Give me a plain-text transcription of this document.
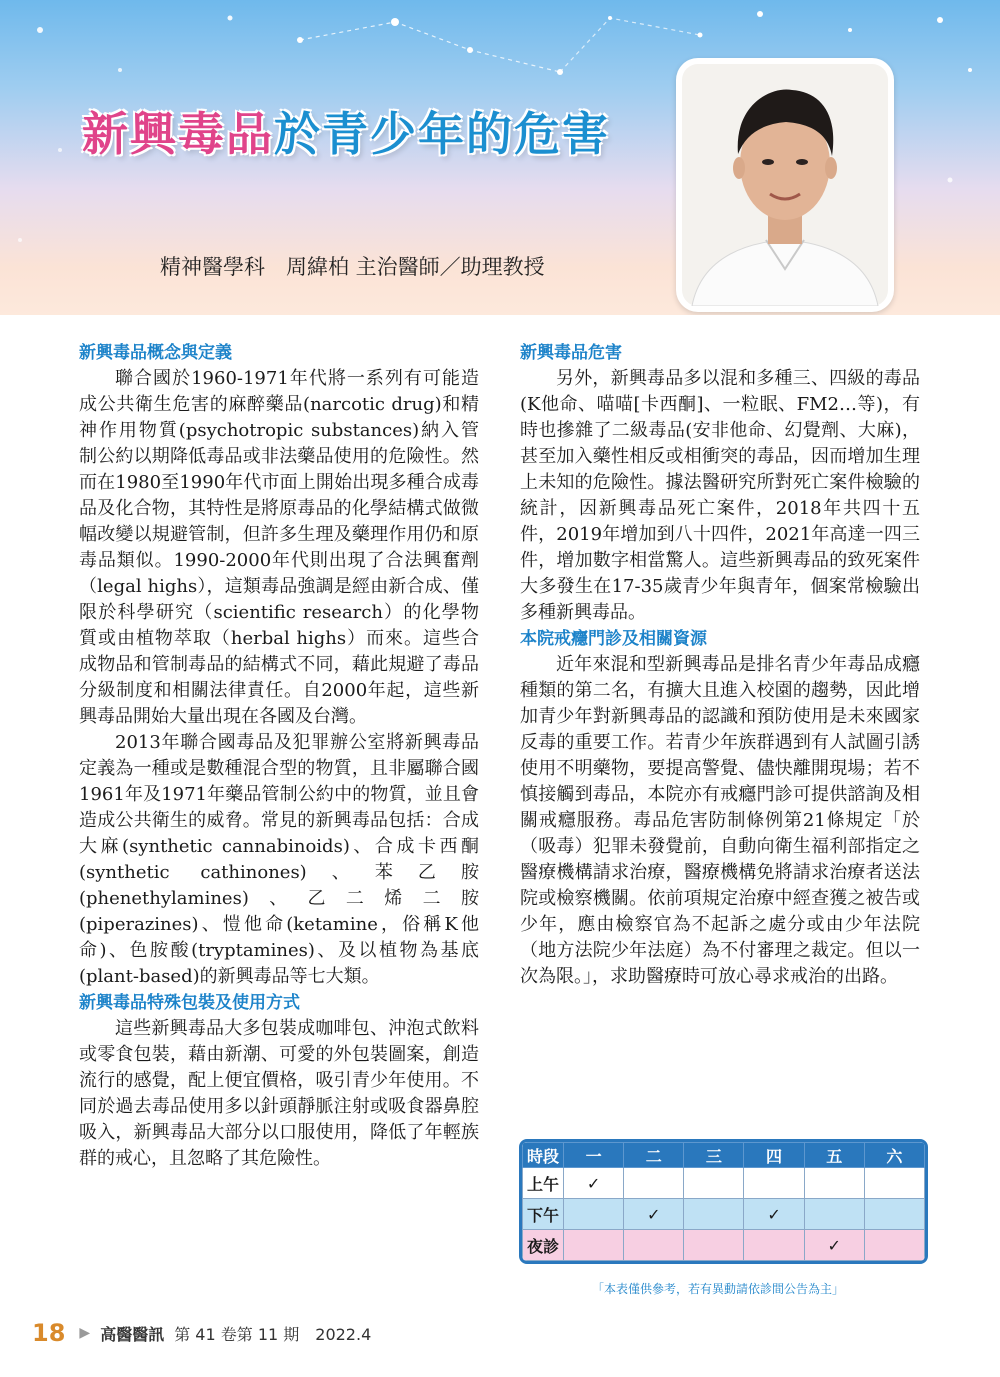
新興毒品於青少年的危害
精神醫學科　周緯柏 主治醫師／助理教授
新興毒品概念與定義

聯合國於1960-1971年代將一系列有可能造成公共衛生危害的麻醉藥品(narcotic drug)和精神作用物質(psychotropic substances)納入管制公約以期降低毒品或非法藥品使用的危險性。然而在1980至1990年代市面上開始出現多種合成毒品及化合物，其特性是將原毒品的化學結構式做微幅改變以規避管制，但許多生理及藥理作用仍和原毒品類似。1990-2000年代則出現了合法興奮劑（legal highs），這類毒品強調是經由新合成、僅限於科學研究（scientific research）的化學物質或由植物萃取（herbal highs）而來。這些合成物品和管制毒品的結構式不同，藉此規避了毒品分級制度和相關法律責任。自2000年起，這些新興毒品開始大量出現在各國及台灣。

2013年聯合國毒品及犯罪辦公室將新興毒品定義為一種或是數種混合型的物質，且非屬聯合國1961年及1971年藥品管制公約中的物質，並且會造成公共衛生的威脅。常見的新興毒品包括：合成大麻(synthetic cannabinoids)、合成卡西酮(synthetic cathinones)、苯乙胺(phenethylamines)、乙二烯二胺(piperazines)、愷他命(ketamine，俗稱K他命)、色胺酸(tryptamines)、及以植物為基底(plant-based)的新興毒品等七大類。

新興毒品特殊包裝及使用方式

這些新興毒品大多包裝成咖啡包、沖泡式飲料或零食包裝，藉由新潮、可愛的外包裝圖案，創造流行的感覺，配上便宜價格，吸引青少年使用。不同於過去毒品使用多以針頭靜脈注射或吸食器鼻腔吸入，新興毒品大部分以口服使用，降低了年輕族群的戒心，且忽略了其危險性。

新興毒品危害

另外，新興毒品多以混和多種三、四級的毒品(K他命、喵喵[卡西酮]、一粒眠、FM2…等)，有時也摻雜了二級毒品(安非他命、幻覺劑、大麻)，甚至加入藥性相反或相衝突的毒品，因而增加生理上未知的危險性。據法醫研究所對死亡案件檢驗的統計，因新興毒品死亡案件，2018年共四十五件，2019年增加到八十四件，2021年高達一四三件，增加數字相當驚人。這些新興毒品的致死案件大多發生在17-35歲青少年與青年，個案常檢驗出多種新興毒品。

本院戒癮門診及相關資源

近年來混和型新興毒品是排名青少年毒品成癮種類的第二名，有擴大且進入校園的趨勢，因此增加青少年對新興毒品的認識和預防使用是未來國家反毒的重要工作。若青少年族群遇到有人試圖引誘使用不明藥物，要提高警覺、儘快離開現場；若不慎接觸到毒品，本院亦有戒癮門診可提供諮詢及相關戒癮服務。毒品危害防制條例第21條規定「於（吸毒）犯罪未發覺前，自動向衛生福利部指定之醫療機構請求治療，醫療機構免將請求治療者送法院或檢察機關。依前項規定治療中經查獲之被告或少年，應由檢察官為不起訴之處分或由少年法院（地方法院少年法庭）為不付審理之裁定。但以一次為限。」，求助醫療時可放心尋求戒治的出路。

時段	一	二	三	四	五	六
上午	✓					
下午		✓		✓		
夜診					✓	
「本表僅供參考，若有異動請依診間公告為主」
18 ▶ 高醫醫訊 第 41 卷第 11 期　2022.4
